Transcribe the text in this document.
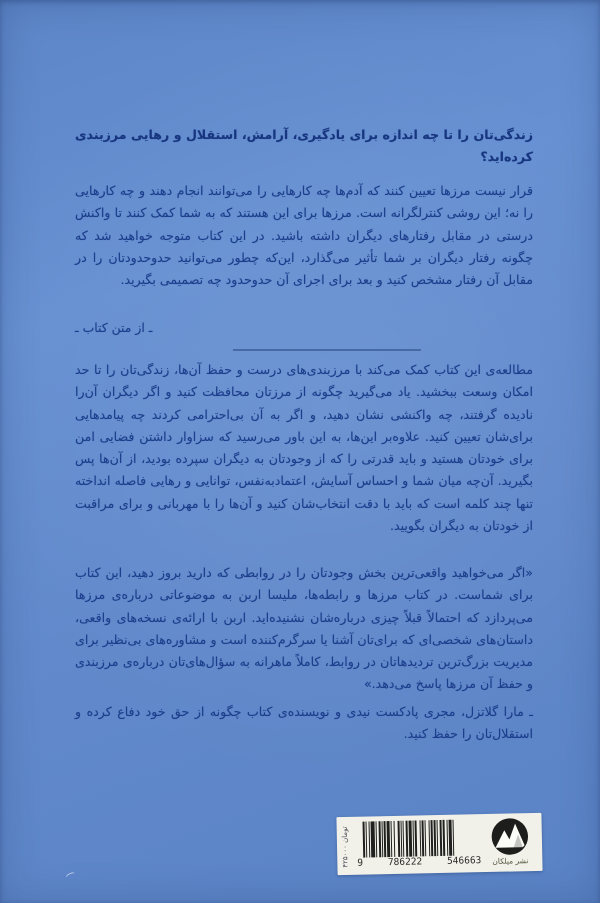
زندگی‌تان را تا چه اندازه برای یادگیری، آرامش، استقلال و رهایی مرزبندی کرده‌اید؟
قرار نیست مرزها تعیین کنند که آدم‌ها چه کارهایی را می‌توانند انجام دهند و چه کارهایی را نه؛ این روشی کنترلگرانه است. مرزها برای این هستند که به شما کمک کنند تا واکنش درستی در مقابل رفتارهای دیگران داشته باشید. در این کتاب متوجه خواهید شد که چگونه رفتار دیگران بر شما تأثیر می‌گذارد، این‌که چطور می‌توانید حدوحدودتان را در مقابل آن رفتار مشخص کنید و بعد برای اجرای آن حدوحدود چه تصمیمی بگیرید.
ـ از متن کتاب ـ
مطالعه‌ی این کتاب کمک می‌کند با مرزبندی‌های درست و حفظ آن‌ها، زندگی‌تان را تا حد امکان وسعت ببخشید. یاد می‌گیرید چگونه از مرزتان محافظت کنید و اگر دیگران آن‌را نادیده گرفتند، چه واکنشی نشان دهید، و اگر به آن بی‌احترامی کردند چه پیامدهایی برای‌شان تعیین کنید. علاوه‌بر این‌ها، به این باور می‌رسید که سزاوار داشتن فضایی امن برای خودتان هستید و باید قدرتی را که از وجودتان به دیگران سپرده بودید، از آن‌ها پس بگیرید. آن‌چه میان شما و احساس آسایش، اعتمادبه‌نفس، توانایی و رهایی فاصله انداخته تنها چند کلمه است که باید با دقت انتخاب‌شان کنید و آن‌ها را با مهربانی و برای مراقبت از خودتان به دیگران بگویید.
«اگر می‌خواهید واقعی‌ترین بخش وجودتان را در روابطی که دارید بروز دهید، این کتاب برای شماست. در کتاب مرزها و رابطه‌ها، ملیسا اربن به موضوعاتی درباره‌ی مرزها می‌پردازد که احتمالاً قبلاً چیزی درباره‌شان نشنیده‌اید. اربن با ارائه‌ی نسخه‌های واقعی، داستان‌های شخصی‌ای که برای‌تان آشنا یا سرگرم‌کننده است و مشاوره‌های بی‌نظیر برای مدیریت بزرگ‌ترین تردیدهاتان در روابط، کاملاً ماهرانه به سؤال‌های‌تان درباره‌ی مرزبندی و حفظ آن مرزها پاسخ می‌دهد.»
ـ مارا گلاتزل، مجری پادکست نیدی و نویسنده‌ی کتاب چگونه از حق خود دفاع کرده و استقلال‌تان را حفظ کنید.
۴۲۵۰۰۰ تومان
9	786222	546663	نشر میلکان
